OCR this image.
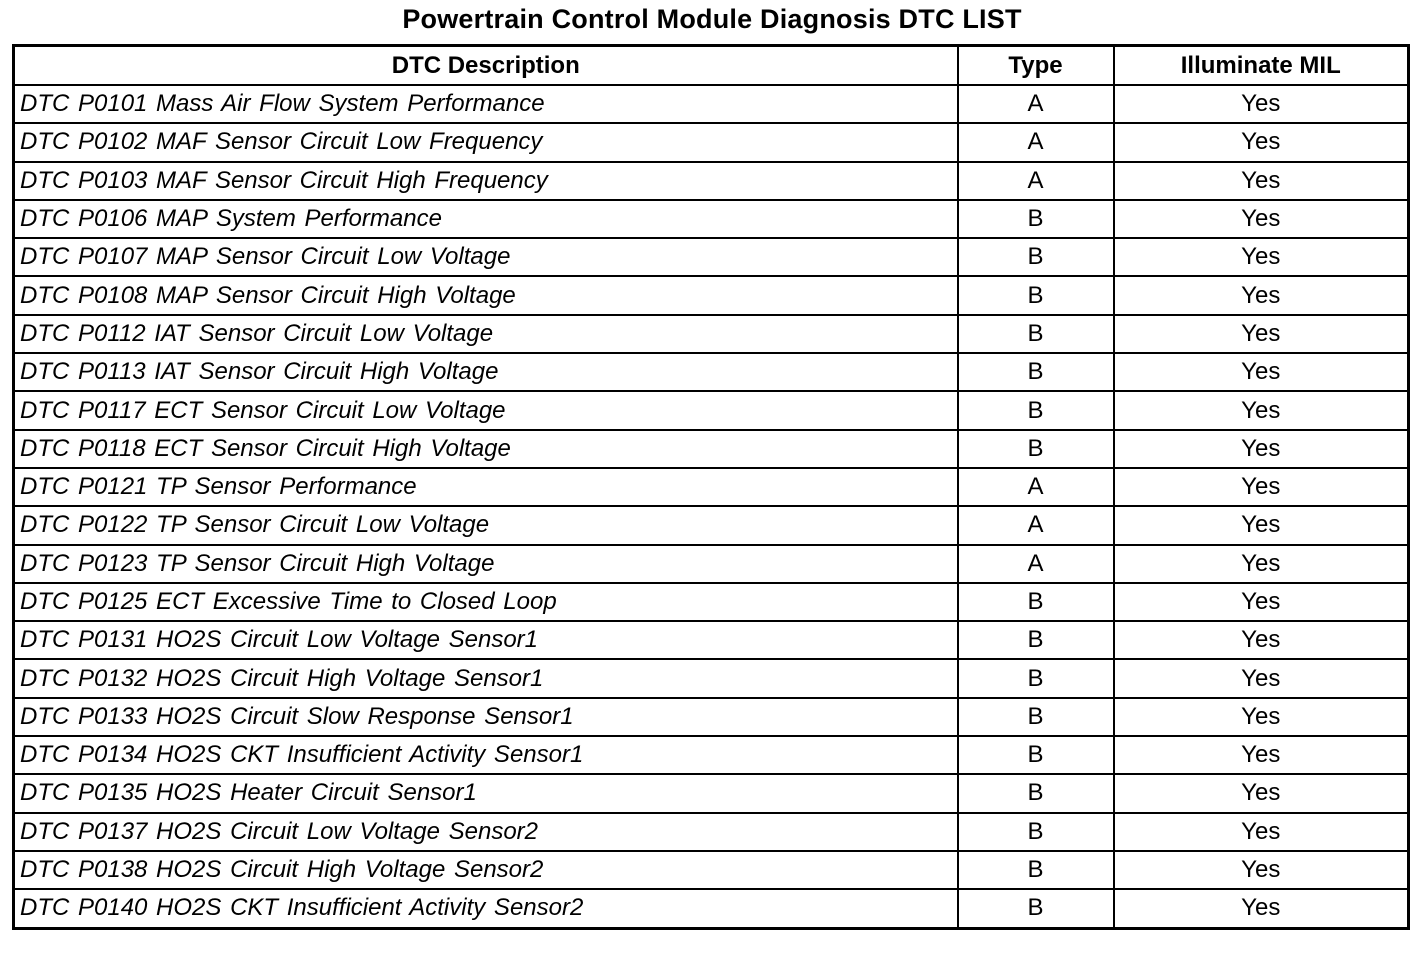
Powertrain Control Module Diagnosis DTC LIST
DTC Description	Type	Illuminate MIL
DTC P0101 Mass Air Flow System Performance	A	Yes
DTC P0102 MAF Sensor Circuit Low Frequency	A	Yes
DTC P0103 MAF Sensor Circuit High Frequency	A	Yes
DTC P0106 MAP System Performance	B	Yes
DTC P0107 MAP Sensor Circuit Low Voltage	B	Yes
DTC P0108 MAP Sensor Circuit High Voltage	B	Yes
DTC P0112 IAT Sensor Circuit Low Voltage	B	Yes
DTC P0113 IAT Sensor Circuit High Voltage	B	Yes
DTC P0117 ECT Sensor Circuit Low Voltage	B	Yes
DTC P0118 ECT Sensor Circuit High Voltage	B	Yes
DTC P0121 TP Sensor Performance	A	Yes
DTC P0122 TP Sensor Circuit Low Voltage	A	Yes
DTC P0123 TP Sensor Circuit High Voltage	A	Yes
DTC P0125 ECT Excessive Time to Closed Loop	B	Yes
DTC P0131 HO2S Circuit Low Voltage Sensor1	B	Yes
DTC P0132 HO2S Circuit High Voltage Sensor1	B	Yes
DTC P0133 HO2S Circuit Slow Response Sensor1	B	Yes
DTC P0134 HO2S CKT Insufficient Activity Sensor1	B	Yes
DTC P0135 HO2S Heater Circuit Sensor1	B	Yes
DTC P0137 HO2S Circuit Low Voltage Sensor2	B	Yes
DTC P0138 HO2S Circuit High Voltage Sensor2	B	Yes
DTC P0140 HO2S CKT Insufficient Activity Sensor2	B	Yes
